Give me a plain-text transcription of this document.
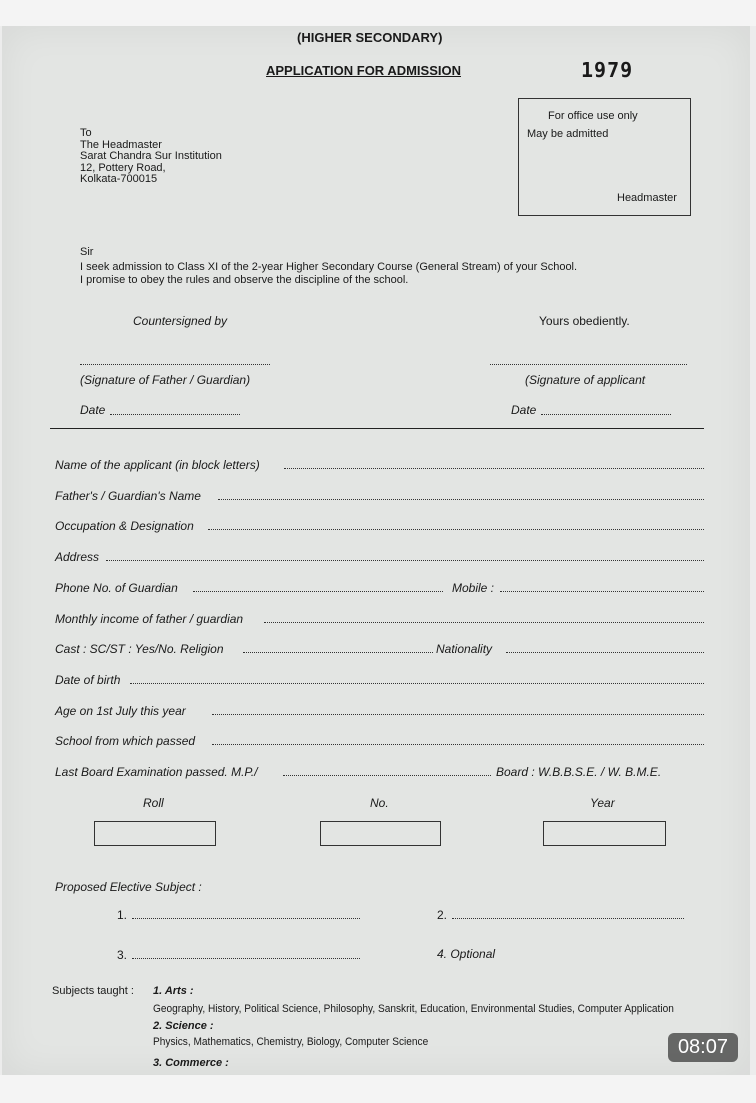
(HIGHER SECONDARY)
APPLICATION FOR ADMISSION	1979
For office use only
May be admitted
Headmaster
To
The Headmaster
Sarat Chandra Sur Institution
12, Pottery Road,
Kolkata-700015
Sir
I seek admission to Class XI of the 2-year Higher Secondary Course (General Stream) of your School.
I promise to obey the rules and observe the discipline of the school.
Countersigned by	Yours obediently.
(Signature of Father / Guardian)	(Signature of applicant
Date	Date
Name of the applicant (in block letters)
Father's / Guardian's Name
Occupation & Designation
Address
Phone No. of Guardian	Mobile :
Monthly income of father / guardian
Cast : SC/ST : Yes/No. Religion	Nationality
Date of birth
Age on 1st July this year
School from which passed
Last Board Examination passed. M.P./	Board : W.B.B.S.E. / W. B.M.E.
Roll	No.	Year
Proposed Elective Subject :
1.	2.
3.	4. Optional
Subjects taught : 1. Arts :
Geography, History, Political Science, Philosophy, Sanskrit, Education, Environmental Studies, Computer Application
2. Science :
Physics, Mathematics, Chemistry, Biology, Computer Science
3. Commerce :
08:07
